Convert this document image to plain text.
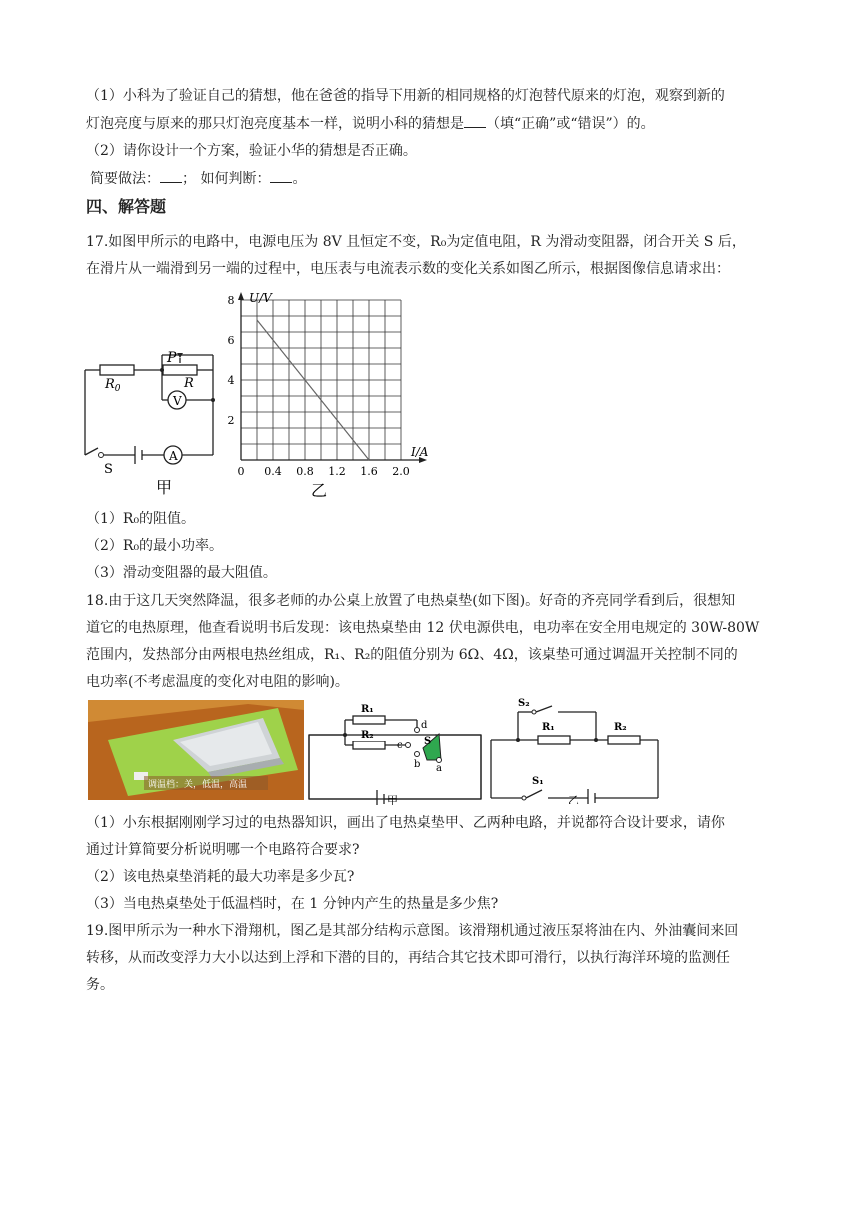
（1）小科为了验证自己的猜想，他在爸爸的指导下用新的相同规格的灯泡替代原来的灯泡，观察到新的
灯泡亮度与原来的那只灯泡亮度基本一样，说明小科的猜想是 （填“正确”或“错误”）的。
（2）请你设计一个方案，验证小华的猜想是否正确。
简要做法： ； 如何判断： 。
四、解答题
17.如图甲所示的电路中，电源电压为 8V 且恒定不变，R₀为定值电阻，R 为滑动变阻器，闭合开关 S 后，
在滑片从一端滑到另一端的过程中，电压表与电流表示数的变化关系如图乙所示，根据图像信息请求出：
P
$R_0$	R
V
A
S
甲
U/V
I/A
0 0.4 0.8 1.2 1.6 2.0
2
4
6
8
乙
（1）R₀的阻值。
（2）R₀的最小功率。
（3）滑动变阻器的最大阻值。
18.由于这几天突然降温，很多老师的办公桌上放置了电热桌垫(如下图)。好奇的齐亮同学看到后，很想知
道它的电热原理，他查看说明书后发现：该电热桌垫由 12 伏电源供电，电功率在安全用电规定的 30W-80W
范围内，发热部分由两根电热丝组成，R₁、R₂的阻值分别为 6Ω、4Ω，该桌垫可通过调温开关控制不同的
电功率(不考虑温度的变化对电阻的影响)。
调温档：关，低温，高温
R₁
R₂
d
c S
b a
甲
S₂
R₁	R₂
S₁
乙
（1）小东根据刚刚学习过的电热器知识，画出了电热桌垫甲、乙两种电路，并说都符合设计要求，请你
通过计算简要分析说明哪一个电路符合要求?
（2）该电热桌垫消耗的最大功率是多少瓦?
（3）当电热桌垫处于低温档时，在 1 分钟内产生的热量是多少焦?
19.图甲所示为一种水下滑翔机，图乙是其部分结构示意图。该滑翔机通过液压泵将油在内、外油囊间来回
转移，从而改变浮力大小以达到上浮和下潜的目的，再结合其它技术即可滑行，以执行海洋环境的监测任
务。
